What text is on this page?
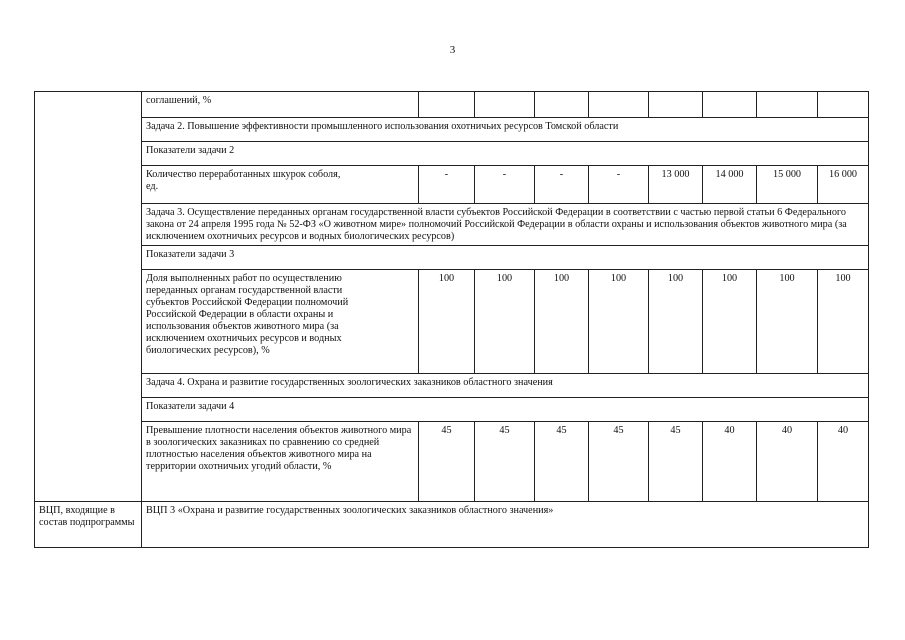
3
	соглашений, %								
	Задача 2. Повышение эффективности промышленного использования охотничьих ресурсов Томской области								
	Показатели задачи 2								

	Количество переработанных шкурок соболя, ед.	-	-	-	-	13 000	14 000	15 000	16 000
	Задача 3. Осуществление переданных органам государственной власти субъектов Российской Федерации в соответствии с частью первой статьи 6 Федерального закона от 24 апреля 1995 года № 52-ФЗ «О животном мире» полномочий Российской Федерации в области охраны и использования объектов животного мира (за исключением охотничьих ресурсов и водных биологических ресурсов)								
	Показатели задачи 3								

	Доля выполненных работ по осуществлению переданных органам государственной власти субъектов Российской Федерации полномочий Российской Федерации в области охраны и использования объектов животного мира (за исключением охотничьих ресурсов и водных биологических ресурсов), %	100	100	100	100	100	100	100	100
	Задача 4. Охрана и развитие государственных зоологических заказников областного значения								
	Показатели задачи 4								

	Превышение плотности населения объектов животного мира в зоологических заказниках по сравнению со средней плотностью населения объектов животного мира на территории охотничьих угодий области, %	45	45	45	45	45	40	40	40
ВЦП, входящие в состав подпрограммы	ВЦП 3 «Охрана и развитие государственных зоологических заказников областного значения»								
